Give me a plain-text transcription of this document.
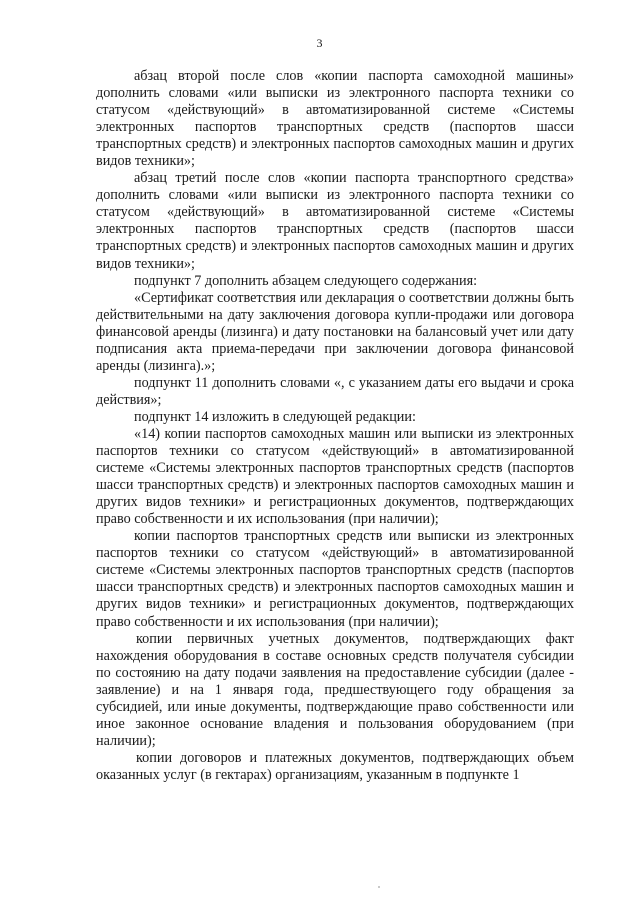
3

абзац второй после слов «копии паспорта самоходной машины» дополнить словами «или выписки из электронного паспорта техники со статусом «действующий» в автоматизированной системе «Системы электронных паспортов транспортных средств (паспортов шасси транспортных средств) и электронных паспортов самоходных машин и других видов техники»;

абзац третий после слов «копии паспорта транспортного средства» дополнить словами «или выписки из электронного паспорта техники со статусом «действующий» в автоматизированной системе «Системы электронных паспортов транспортных средств (паспортов шасси транспортных средств) и электронных паспортов самоходных машин и других видов техники»;

подпункт 7 дополнить абзацем следующего содержания:

«Сертификат соответствия или декларация о соответствии должны быть действительными на дату заключения договора купли-продажи или договора финансовой аренды (лизинга) и дату постановки на балансовый учет или дату подписания акта приема-передачи при заключении договора финансовой аренды (лизинга).»;

подпункт 11 дополнить словами «, с указанием даты его выдачи и срока действия»;

подпункт 14 изложить в следующей редакции:

«14) копии паспортов самоходных машин или выписки из электронных паспортов техники со статусом «действующий» в автоматизированной системе «Системы электронных паспортов транспортных средств (паспортов шасси транспортных средств) и электронных паспортов самоходных машин и других видов техники» и регистрационных документов, подтверждающих право собственности и их использования (при наличии);

копии паспортов транспортных средств или выписки из электронных паспортов техники со статусом «действующий» в автоматизированной системе «Системы электронных паспортов транспортных средств (паспортов шасси транспортных средств) и электронных паспортов самоходных машин и других видов техники» и регистрационных документов, подтверждающих право собственности и их использования (при наличии);

копии первичных учетных документов, подтверждающих факт нахождения оборудования в составе основных средств получателя субсидии по состоянию на дату подачи заявления на предоставление субсидии (далее - заявление) и на 1 января года, предшествующего году обращения за субсидией, или иные документы, подтверждающие право собственности или иное законное основание владения и пользования оборудованием (при наличии);

копии договоров и платежных документов, подтверждающих объем оказанных услуг (в гектарах) организациям, указанным в подпункте 1
